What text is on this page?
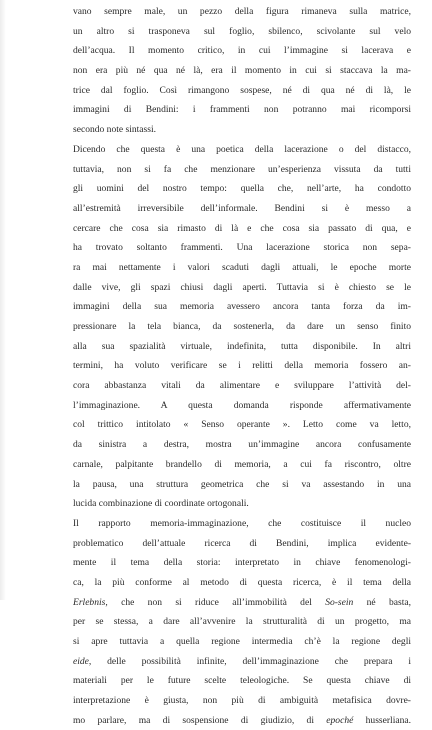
vano sempre male, un pezzo della figura rimaneva sulla matrice,
un altro si trasponeva sul foglio, sbilenco, scivolante sul velo
dell’acqua. Il momento critico, in cui l’immagine si lacerava e
non era più né qua né là, era il momento in cui si staccava la ma-
trice dal foglio. Così rimangono sospese, né di qua né di là, le
immagini di Bendini: i frammenti non potranno mai ricomporsi
secondo note sintassi.
Dicendo che questa è una poetica della lacerazione o del distacco,
tuttavia, non si fa che menzionare un’esperienza vissuta da tutti
gli uomini del nostro tempo: quella che, nell’arte, ha condotto
all’estremità irreversibile dell’informale. Bendini si è messo a
cercare che cosa sia rimasto di là e che cosa sia passato di qua, e
ha trovato soltanto frammenti. Una lacerazione storica non sepa-
ra mai nettamente i valori scaduti dagli attuali, le epoche morte
dalle vive, gli spazi chiusi dagli aperti. Tuttavia si è chiesto se le
immagini della sua memoria avessero ancora tanta forza da im-
pressionare la tela bianca, da sostenerla, da dare un senso finito
alla sua spazialità virtuale, indefinita, tutta disponibile. In altri
termini, ha voluto verificare se i relitti della memoria fossero an-
cora abbastanza vitali da alimentare e sviluppare l’attività del-
l’immaginazione. A questa domanda risponde affermativamente
col trittico intitolato « Senso operante ». Letto come va letto,
da sinistra a destra, mostra un’immagine ancora confusamente
carnale, palpitante brandello di memoria, a cui fa riscontro, oltre
la pausa, una struttura geometrica che si va assestando in una
lucida combinazione di coordinate ortogonali.
Il rapporto memoria-immaginazione, che costituisce il nucleo
problematico dell’attuale ricerca di Bendini, implica evidente-
mente il tema della storia: interpretato in chiave fenomenologi-
ca, la più conforme al metodo di questa ricerca, è il tema della
Erlebnis, che non si riduce all’immobilità del So-sein né basta,
per se stessa, a dare all’avvenire la strutturalità di un progetto, ma
si apre tuttavia a quella regione intermedia ch’è la regione degli
eide, delle possibilità infinite, dell’immaginazione che prepara i
materiali per le future scelte teleologiche. Se questa chiave di
interpretazione è giusta, non più di ambiguità metafisica dovre-
mo parlare, ma di sospensione di giudizio, di epoché husserliana.
